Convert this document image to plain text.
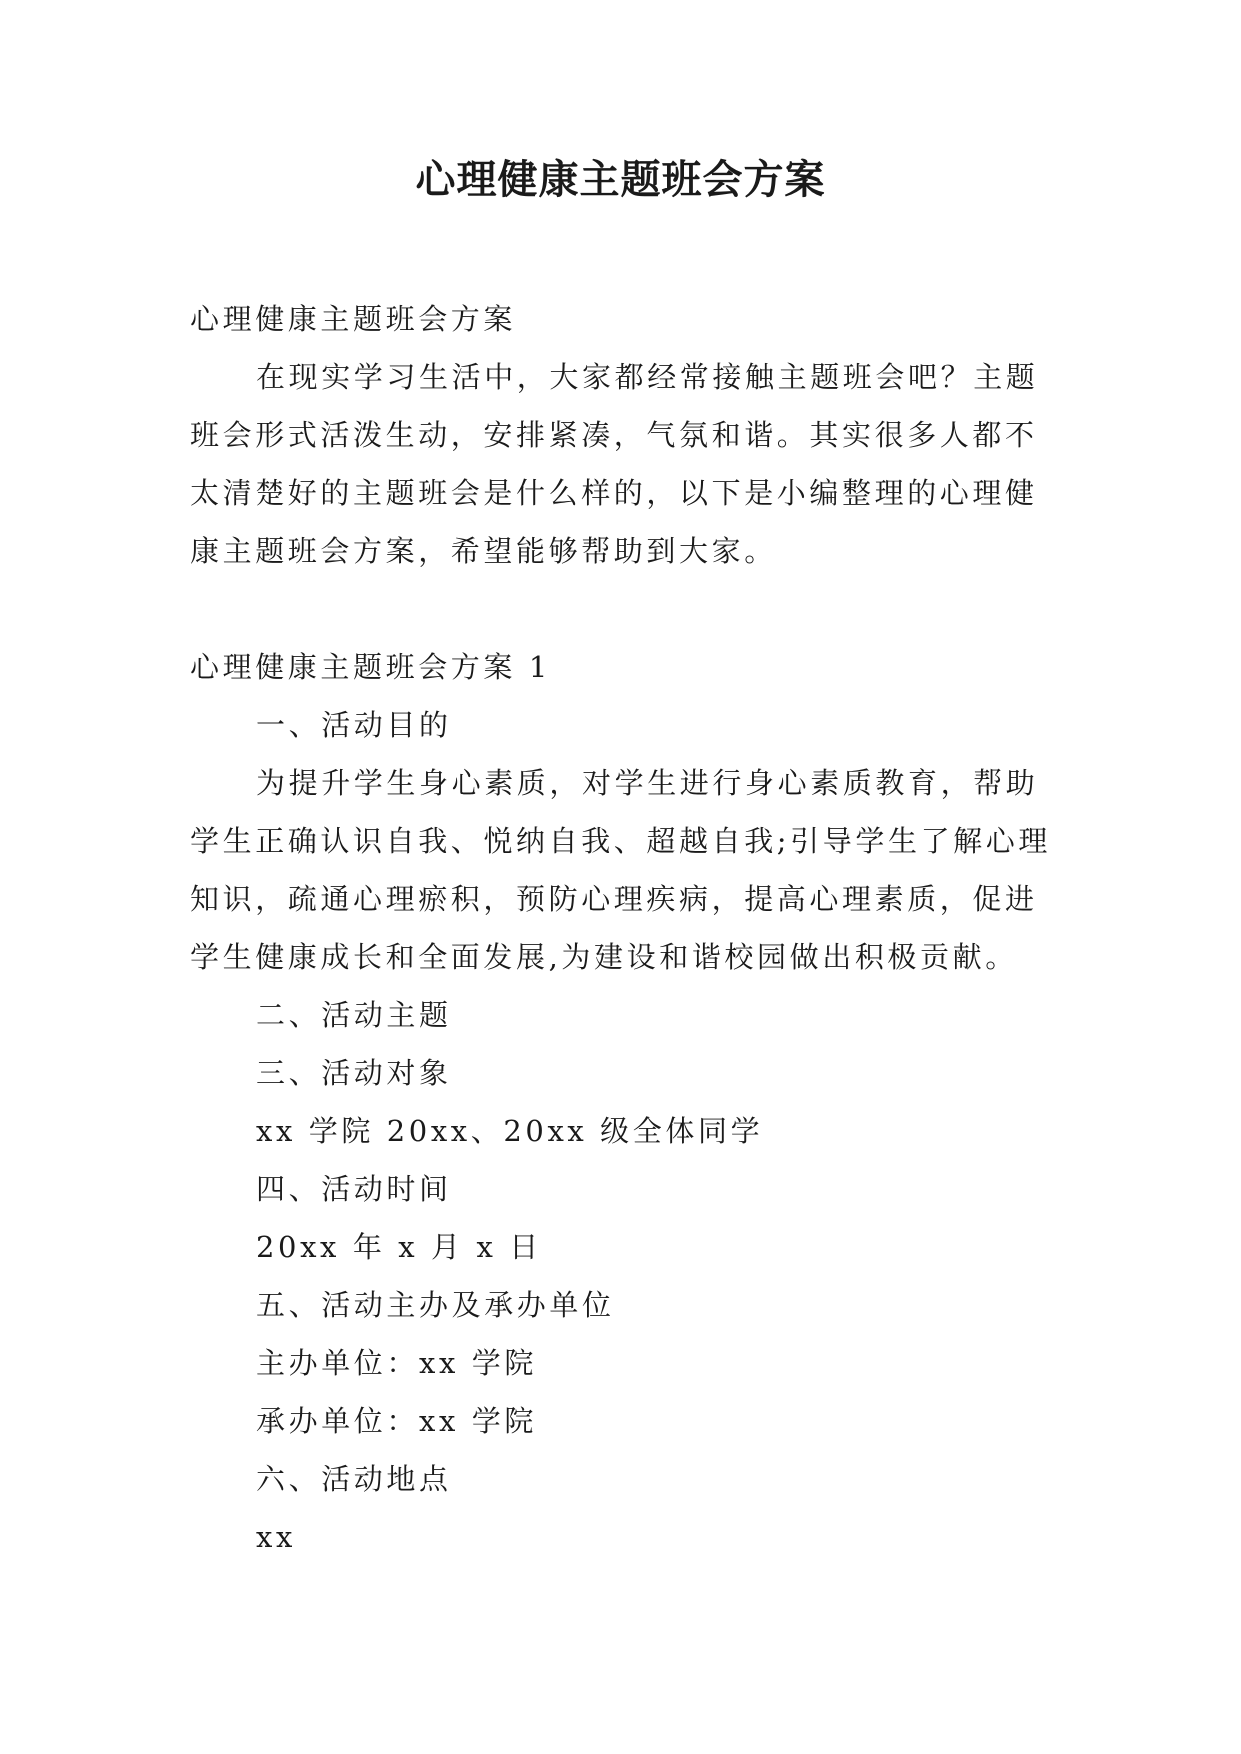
心理健康主题班会方案

心理健康主题班会方案

在现实学习生活中，大家都经常接触主题班会吧？主题班会形式活泼生动，安排紧凑，气氛和谐。其实很多人都不太清楚好的主题班会是什么样的，以下是小编整理的心理健康主题班会方案，希望能够帮助到大家。

心理健康主题班会方案 1

一、活动目的

为提升学生身心素质，对学生进行身心素质教育，帮助学生正确认识自我、悦纳自我、超越自我;引导学生了解心理知识，疏通心理瘀积，预防心理疾病，提高心理素质，促进学生健康成长和全面发展,为建设和谐校园做出积极贡献。

二、活动主题

三、活动对象

xx 学院 20xx、20xx 级全体同学

四、活动时间

20xx 年 x 月 x 日

五、活动主办及承办单位

主办单位：xx 学院

承办单位：xx 学院

六、活动地点

xx
